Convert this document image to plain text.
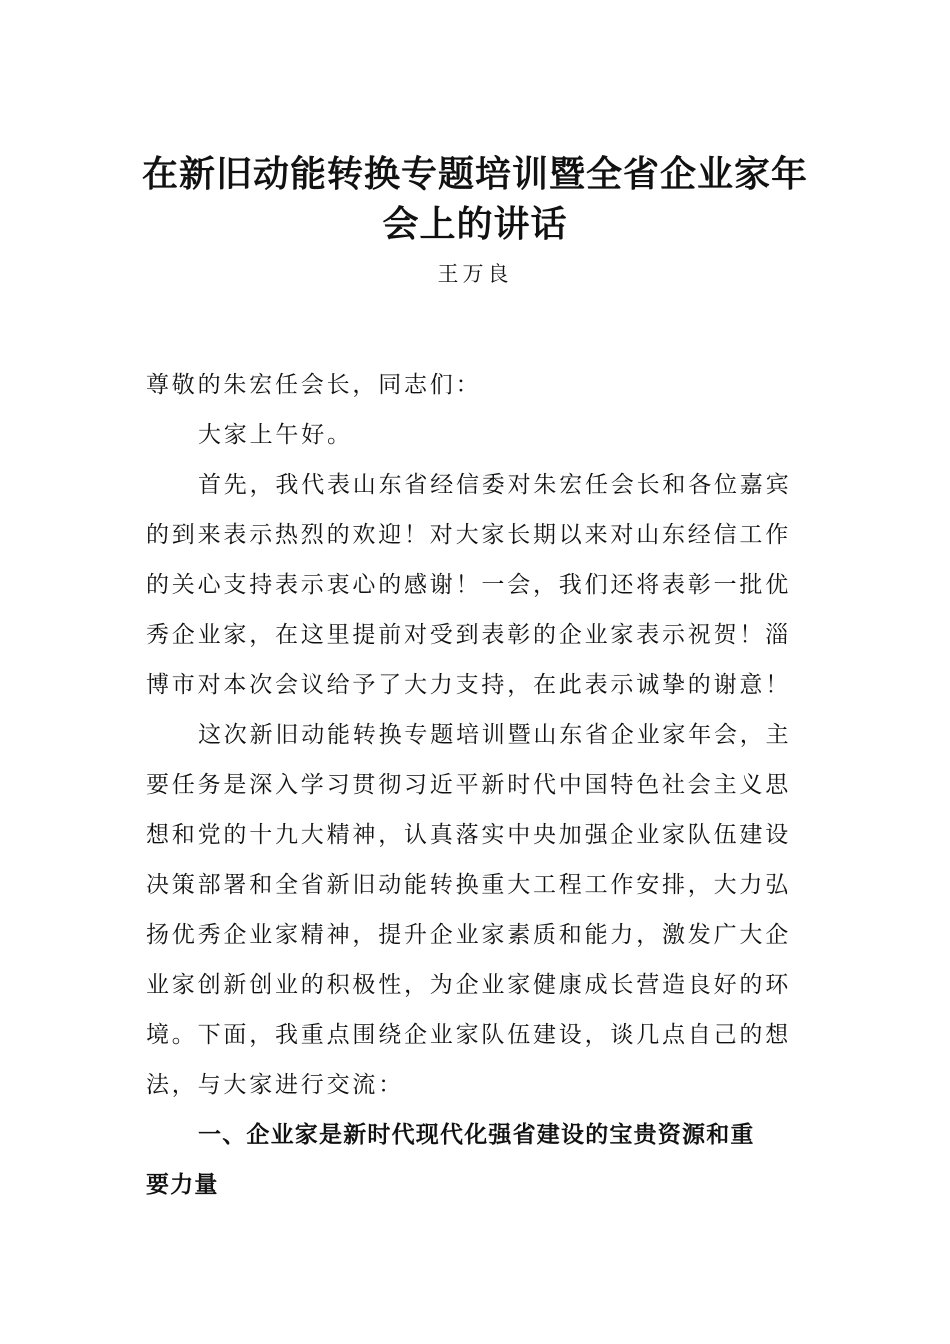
在新旧动能转换专题培训暨全省企业家年
会上的讲话
王万良
尊敬的朱宏任会长，同志们：
大家上午好。
首先，我代表山东省经信委对朱宏任会长和各位嘉宾
的到来表示热烈的欢迎！对大家长期以来对山东经信工作
的关心支持表示衷心的感谢！一会，我们还将表彰一批优
秀企业家，在这里提前对受到表彰的企业家表示祝贺！淄
博市对本次会议给予了大力支持，在此表示诚挚的谢意！
这次新旧动能转换专题培训暨山东省企业家年会，主
要任务是深入学习贯彻习近平新时代中国特色社会主义思
想和党的十九大精神，认真落实中央加强企业家队伍建设
决策部署和全省新旧动能转换重大工程工作安排，大力弘
扬优秀企业家精神，提升企业家素质和能力，激发广大企
业家创新创业的积极性，为企业家健康成长营造良好的环
境。下面，我重点围绕企业家队伍建设，谈几点自己的想
法，与大家进行交流：
一、企业家是新时代现代化强省建设的宝贵资源和重
要力量
